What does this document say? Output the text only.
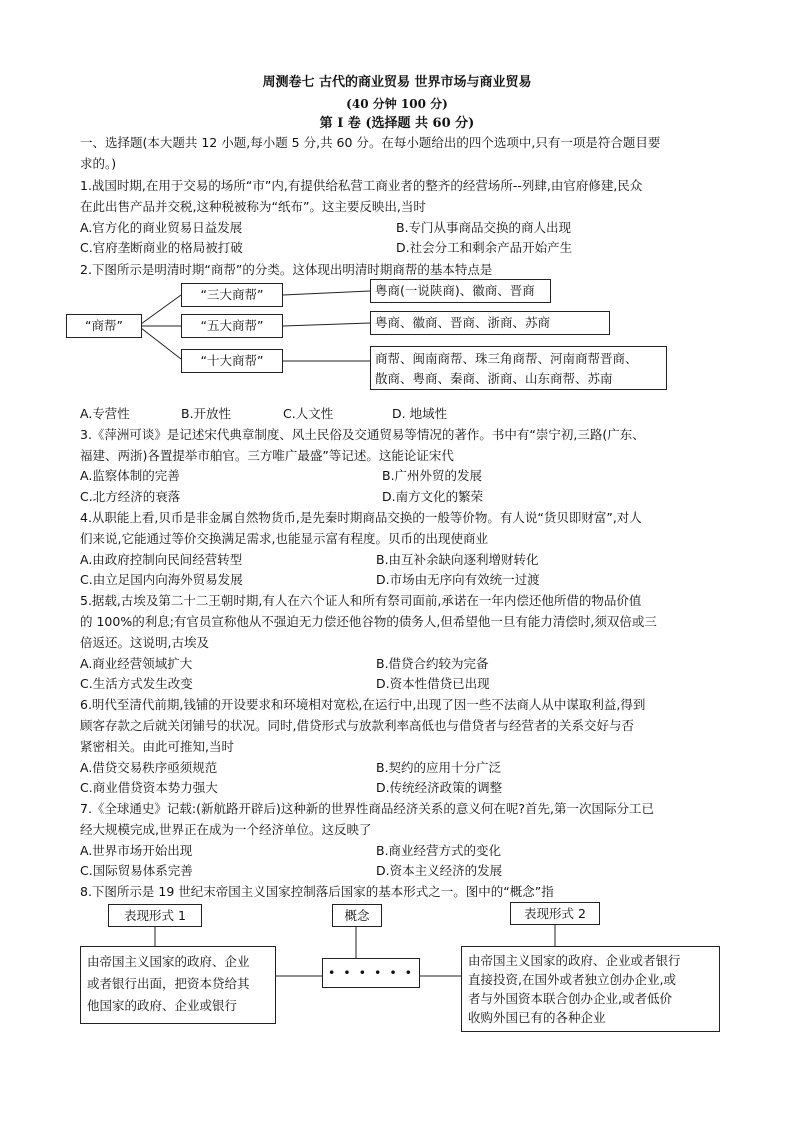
周测卷七 古代的商业贸易 世界市场与商业贸易
(40 分钟 100 分)
第 I 卷 (选择题 共 60 分)
一、选择题(本大题共 12 小题,每小题 5 分,共 60 分。在每小题给出的四个选项中,只有一项是符合题目要
求的。)
1.战国时期,在用于交易的场所“市”内,有提供给私营工商业者的整齐的经营场所--列肆,由官府修建,民众
在此出售产品并交税,这种税被称为“纸布”。这主要反映出,当时
A.官方化的商业贸易日益发展	B.专门从事商品交换的商人出现
C.官府垄断商业的格局被打破	D.社会分工和剩余产品开始产生
2.下图所示是明清时期“商帮”的分类。这体现出明清时期商帮的基本特点是
“商帮”
“三大商帮”
“五大商帮”
“十大商帮”
粤商(一说陕商)、徽商、晋商
粤商、徽商、晋商、浙商、苏商
商帮、闽南商帮、珠三角商帮、河南商帮晋商、
散商、粤商、秦商、浙商、山东商帮、苏南
A.专营性	B.开放性	C.人文性	D. 地域性
3.《萍洲可谈》是记述宋代典章制度、风土民俗及交通贸易等情况的著作。书中有“崇宁初,三路(广东、
福建、两浙)各置提举市舶官。三方唯广最盛”等记述。这能论证宋代
A.监察体制的完善	B.广州外贸的发展
C.北方经济的衰落	D.南方文化的繁荣
4.从职能上看,贝币是非金属自然物货币,是先秦时期商品交换的一般等价物。有人说“货贝即财富”,对人
们来说,它能通过等价交换满足需求,也能显示富有程度。贝币的出现使商业
A.由政府控制向民间经营转型	B.由互补余缺向逐利增财转化
C.由立足国内向海外贸易发展	D.市场由无序向有效统一过渡
5.据载,古埃及第二十二王朝时期,有人在六个证人和所有祭司面前,承诺在一年内偿还他所借的物品价值
的 100%的利息;有官员宣称他从不强迫无力偿还他谷物的债务人,但希望他一旦有能力清偿时,须双倍或三
倍返还。这说明,古埃及
A.商业经营领域扩大	B.借贷合约较为完备
C.生活方式发生改变	D.资本性借贷已出现
6.明代至清代前期,钱铺的开设要求和环境相对宽松,在运行中,出现了因一些不法商人从中谋取利益,得到
顾客存款之后就关闭铺号的状况。同时,借贷形式与放款利率高低也与借贷者与经营者的关系交好与否
紧密相关。由此可推知,当时
A.借贷交易秩序亟须规范	B.契约的应用十分广泛
C.商业借贷资本势力强大	D.传统经济政策的调整
7.《全球通史》记载:(新航路开辟后)这种新的世界性商品经济关系的意义何在呢?首先,第一次国际分工已
经大规模完成,世界正在成为一个经济单位。这反映了
A.世界市场开始出现	B.商业经营方式的变化
C.国际贸易体系完善	D.资本主义经济的发展
8.下图所示是 19 世纪末帝国主义国家控制落后国家的基本形式之一。图中的“概念”指
表现形式 1	概念	表现形式 2
由帝国主义国家的政府、企业
或者银行出面，把资本贷给其
他国家的政府、企业或银行
• • • • • •
由帝国主义国家的政府、企业或者银行
直接投资,在国外或者独立创办企业,或
者与外国资本联合创办企业,或者低价
收购外国已有的各种企业
